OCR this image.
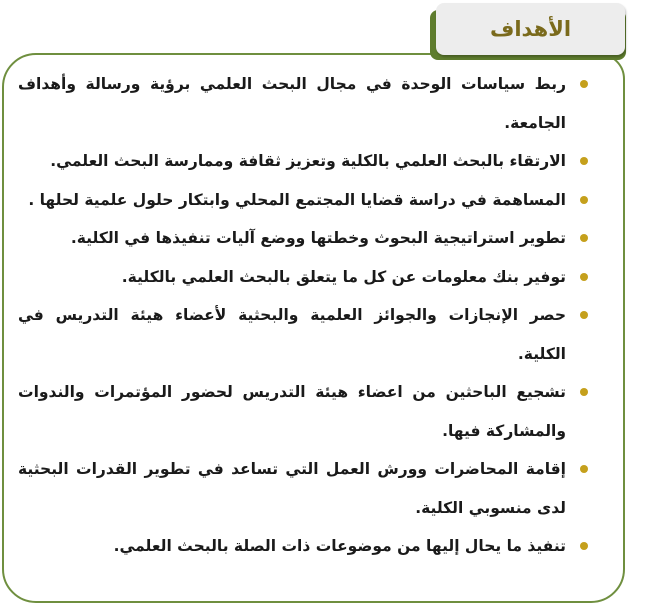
الأهداف
ربط سياسات الوحدة في مجال البحث العلمي برؤية ورسالة وأهداف الجامعة.
الارتقاء بالبحث العلمي بالكلية وتعزيز ثقافة وممارسة البحث العلمي.
المساهمة في دراسة قضايا المجتمع المحلي وابتكار حلول علمية لحلها .
تطوير استراتيجية البحوث وخطتها ووضع آليات تنفيذها في الكلية.
توفير بنك معلومات عن كل ما يتعلق بالبحث العلمي بالكلية.
حصر الإنجازات والجوائز العلمية والبحثية لأعضاء هيئة التدريس في الكلية.
تشجيع الباحثين من اعضاء هيئة التدريس لحضور المؤتمرات والندوات والمشاركة فيها.
إقامة المحاضرات وورش العمل التي تساعد في تطوير القدرات البحثية لدى منسوبي الكلية.
تنفيذ ما يحال إليها من موضوعات ذات الصلة بالبحث العلمي.
